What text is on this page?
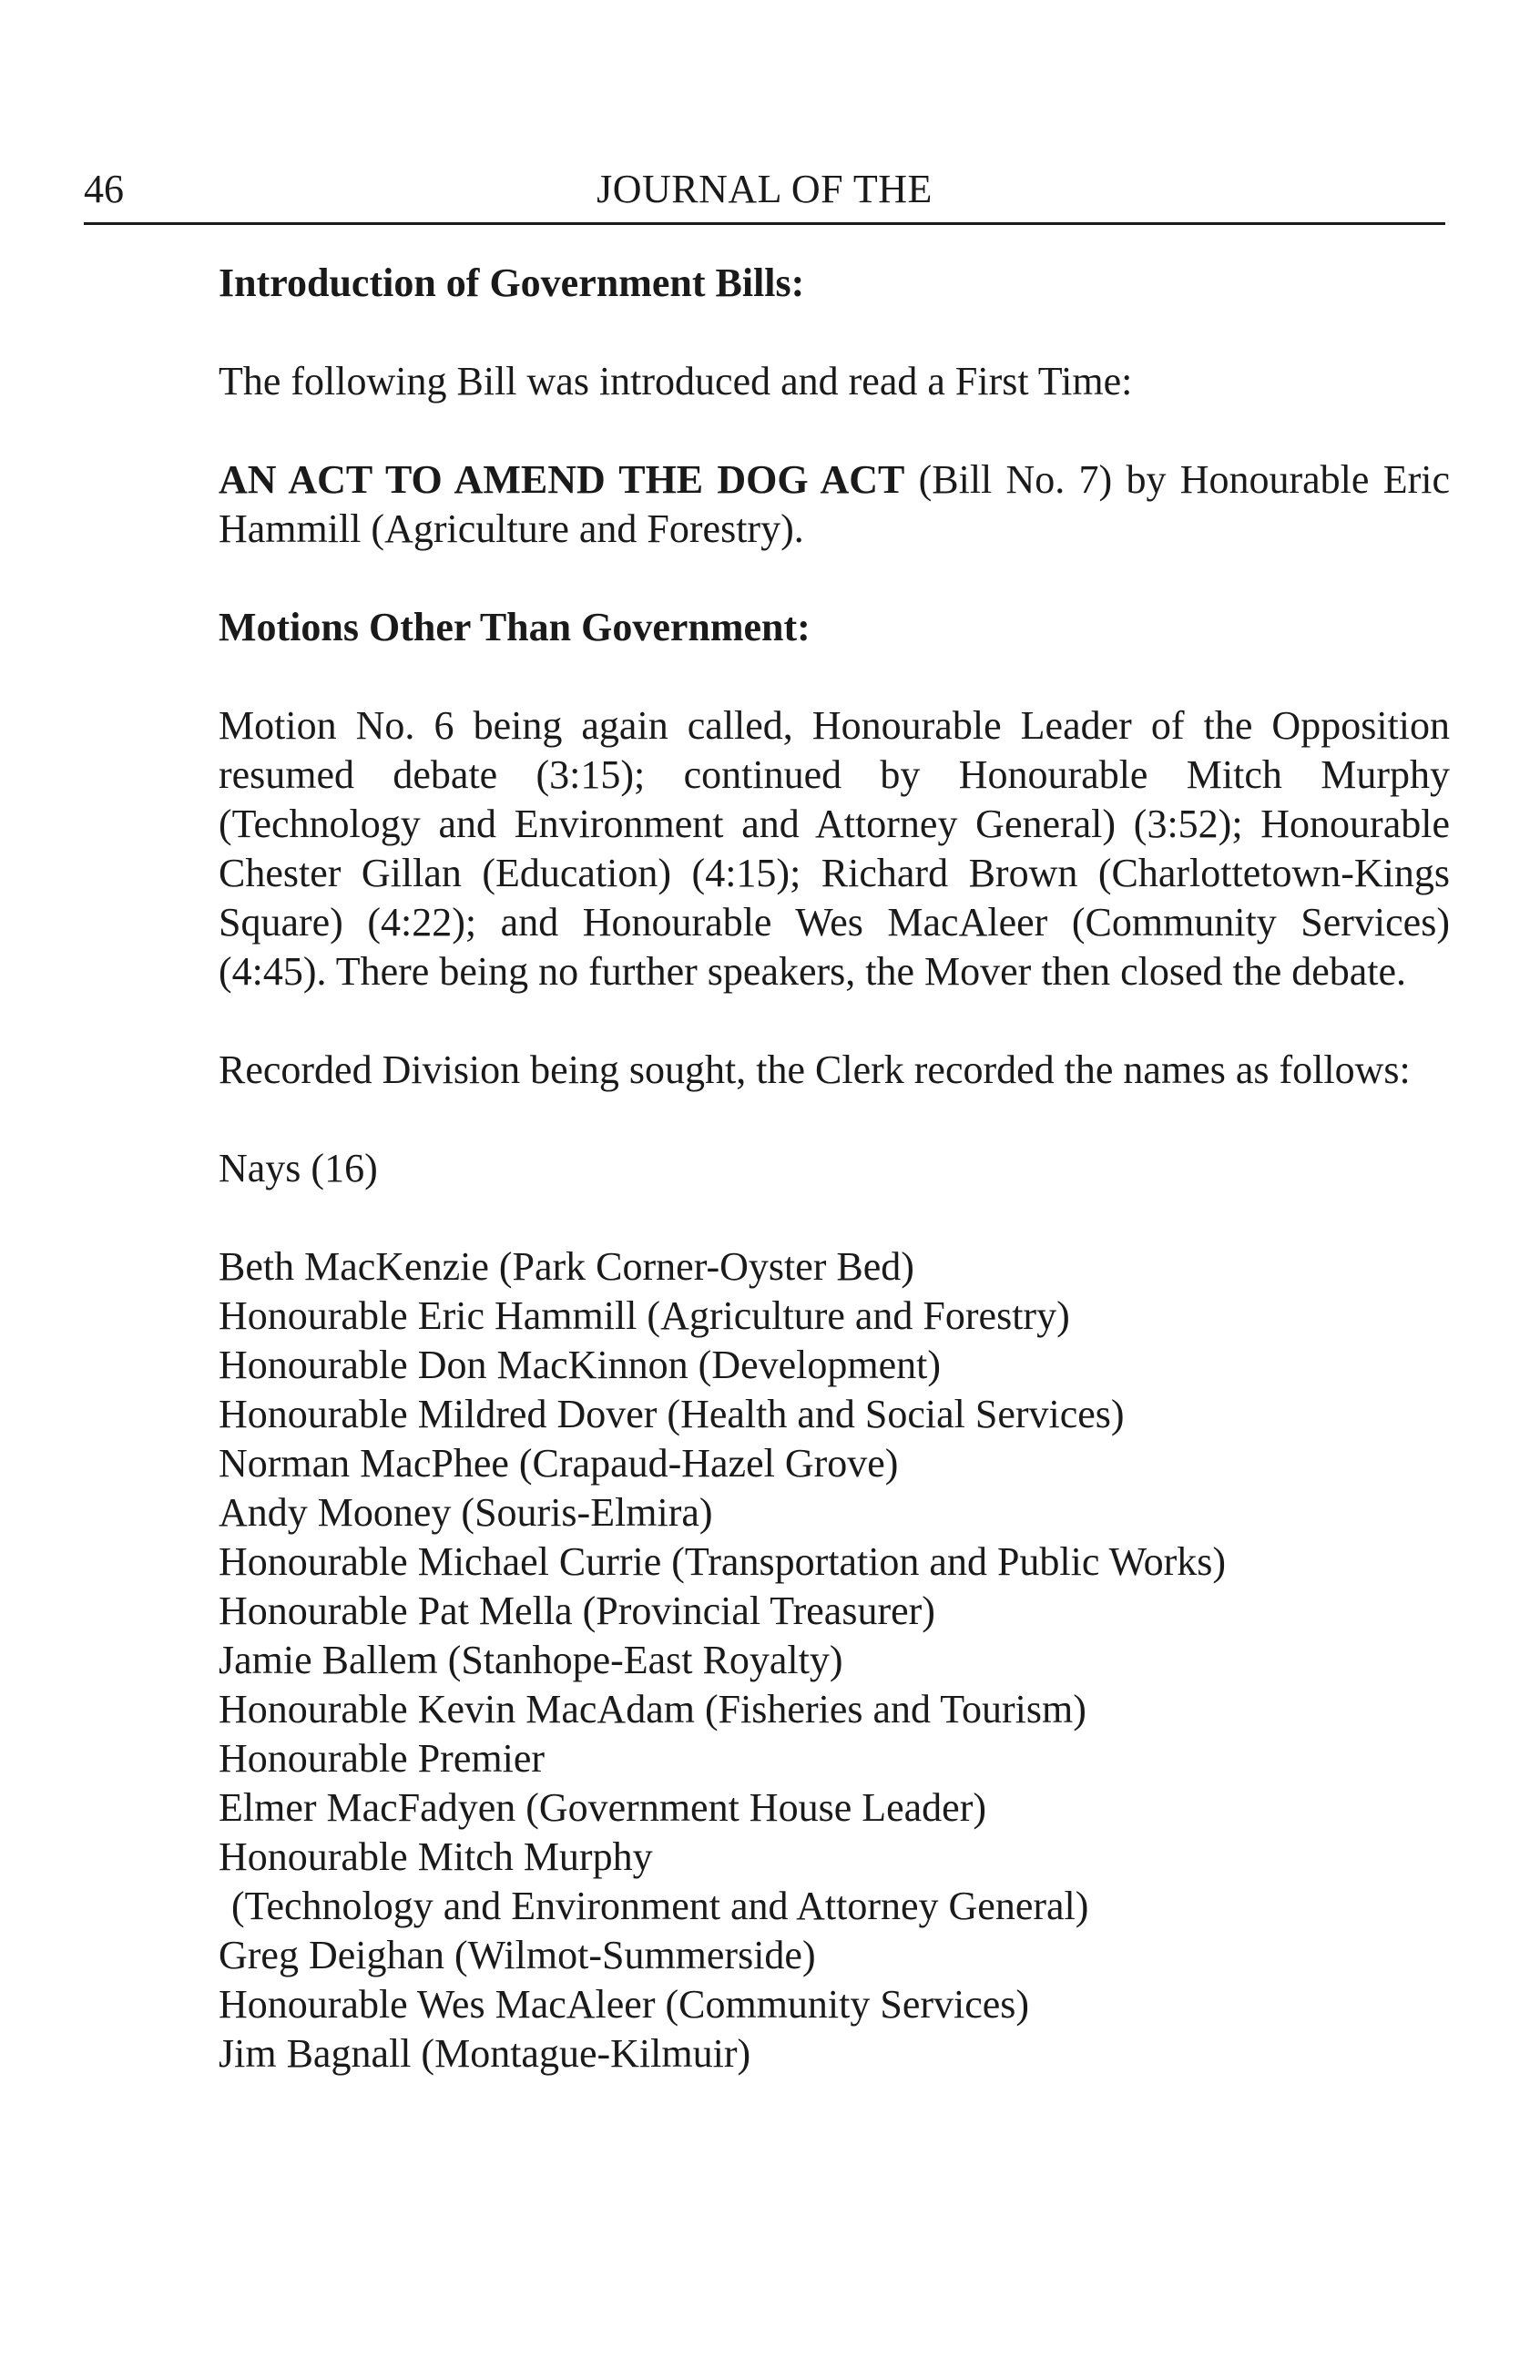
46	JOURNAL OF THE

Introduction of Government Bills:

The following Bill was introduced and read a First Time:

AN ACT TO AMEND THE DOG ACT (Bill No. 7) by Honourable Eric Hammill (Agriculture and Forestry).

Motions Other Than Government:

Motion No. 6 being again called, Honourable Leader of the Opposition resumed debate (3:15); continued by Honourable Mitch Murphy (Technology and Environment and Attorney General) (3:52); Honourable Chester Gillan (Education) (4:15); Richard Brown (Charlottetown-Kings Square) (4:22); and Honourable Wes MacAleer (Community Services) (4:45). There being no further speakers, the Mover then closed the debate.

Recorded Division being sought, the Clerk recorded the names as follows:

Nays (16)

Beth MacKenzie (Park Corner-Oyster Bed)
Honourable Eric Hammill (Agriculture and Forestry)
Honourable Don MacKinnon (Development)
Honourable Mildred Dover (Health and Social Services)
Norman MacPhee (Crapaud-Hazel Grove)
Andy Mooney (Souris-Elmira)
Honourable Michael Currie (Transportation and Public Works)
Honourable Pat Mella (Provincial Treasurer)
Jamie Ballem (Stanhope-East Royalty)
Honourable Kevin MacAdam (Fisheries and Tourism)
Honourable Premier
Elmer MacFadyen (Government House Leader)
Honourable Mitch Murphy
(Technology and Environment and Attorney General)
Greg Deighan (Wilmot-Summerside)
Honourable Wes MacAleer (Community Services)
Jim Bagnall (Montague-Kilmuir)
